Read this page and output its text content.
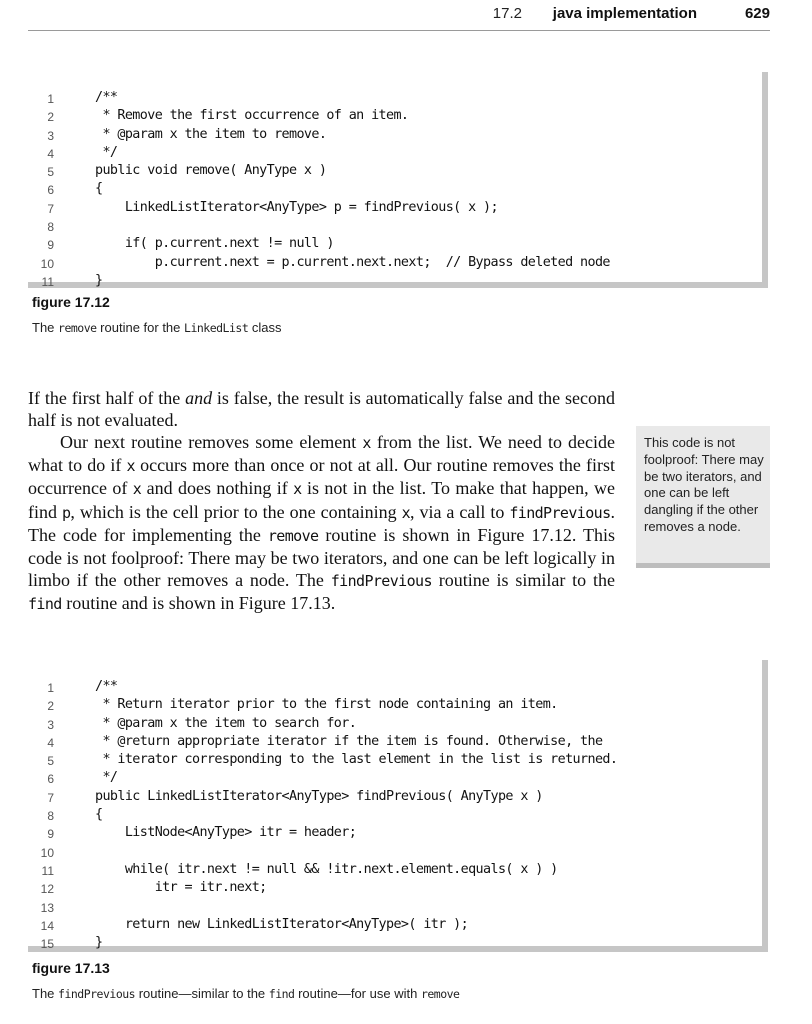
17.2 java implementation	629
1	/**
2	* Remove the first occurrence of an item.
3	* @param x the item to remove.
4	*/
5	public void remove( AnyType x )
6	{
7	LinkedListIterator<AnyType> p = findPrevious( x );
8
9	if( p.current.next != null )
10	p.current.next = p.current.next.next;  // Bypass deleted node
11	}
figure 17.12
The remove routine for the LinkedList class
If the first half of the and is false, the result is automatically false and the second half is not evaluated.
Our next routine removes some element x from the list. We need to decide what to do if x occurs more than once or not at all. Our routine removes the first occurrence of x and does nothing if x is not in the list. To make that happen, we find p, which is the cell prior to the one containing x, via a call to findPrevious. The code for implementing the remove routine is shown in Figure 17.12. This code is not foolproof: There may be two iterators, and one can be left logically in limbo if the other removes a node. The findPrevious routine is similar to the find routine and is shown in Figure 17.13.
This code is not foolproof: There may be two iterators, and one can be left dangling if the other removes a node.
1	/**
2	* Return iterator prior to the first node containing an item.
3	* @param x the item to search for.
4	* @return appropriate iterator if the item is found. Otherwise, the
5	* iterator corresponding to the last element in the list is returned.
6	*/
7	public LinkedListIterator<AnyType> findPrevious( AnyType x )
8	{
9	ListNode<AnyType> itr = header;
10
11	while( itr.next != null && !itr.next.element.equals( x ) )
12	itr = itr.next;
13
14	return new LinkedListIterator<AnyType>( itr );
15	}
figure 17.13
The findPrevious routine—similar to the find routine—for use with remove
